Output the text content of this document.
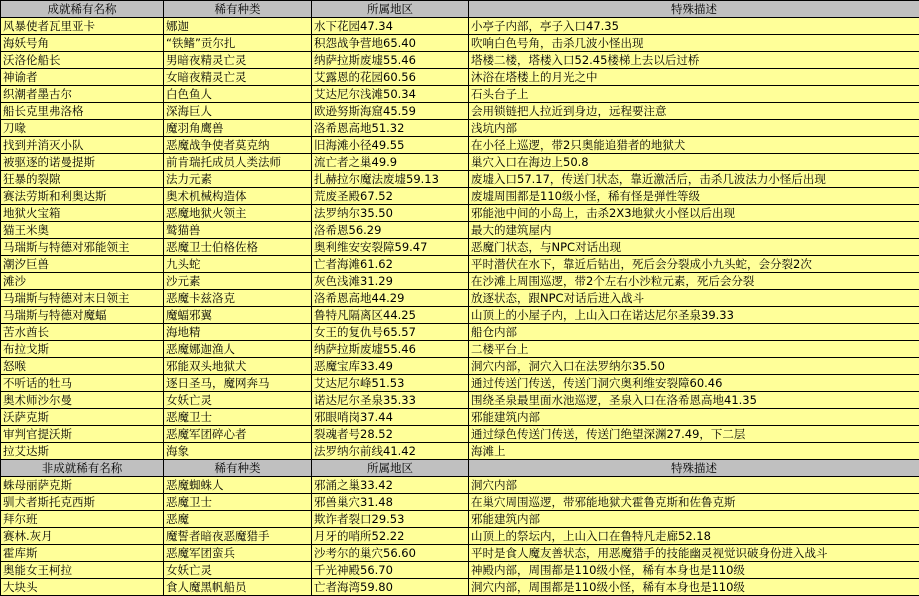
成就稀有名称	稀有种类	所属地区	特殊描述
风暴使者瓦里亚卡	娜迦	水下花园47.34	小亭子内部，亭子入口47.35
海妖号角	“铁鳍”贡尔扎	积怨战争营地65.40	吹响白色号角，击杀几波小怪出现
沃洛伦船长	男暗夜精灵亡灵	纳萨拉斯废墟55.46	塔楼二楼，塔楼入口52.45楼梯上去以后过桥
神谕者	女暗夜精灵亡灵	艾露恩的花园60.56	沐浴在塔楼上的月光之中
织潮者墨古尔	白色鱼人	艾达尼尔浅滩50.34	石头台子上
船长克里弗洛格	深海巨人	欧逊努斯海窟45.59	会用锁链把人拉近到身边，远程要注意
刀喙	魔羽角鹰兽	洛希恩高地51.32	浅坑内部
找到并消灭小队	恶魔战争使者莫克纳	旧海滩小径49.55	在小径上巡逻，带2只奥能追猎者的地狱犬
被驱逐的诺曼提斯	前肯瑞托成员人类法师	流亡者之巢49.9	巢穴入口在海边上50.8
狂暴的裂隙	法力元素	扎赫拉尔魔法废墟59.13	废墟入口57.17，传送门状态，靠近激活后，击杀几波法力小怪后出现
赛法劳斯和利奥达斯	奥术机械构造体	荒废圣殿67.52	废墟周围都是110级小怪，稀有怪是弹性等级
地狱火宝箱	恶魔地狱火领主	法罗纳尔35.50	邪能池中间的小岛上，击杀2X3地狱火小怪以后出现
猫王米奥	鹫猫兽	洛希恩56.29	最大的建筑屋内
马瑞斯与特德对邪能领主	恶魔卫士伯格佐格	奥利维安安裂障59.47	恶魔门状态，与NPC对话出现
潮汐巨兽	九头蛇	亡者海滩61.62	平时潜伏在水下，靠近后钻出，死后会分裂成小九头蛇，会分裂2次
滩沙	沙元素	灰色浅滩31.29	在沙滩上周围巡逻，带2个左右小沙粒元素，死后会分裂
马瑞斯与特德对末日领主	恶魔卡兹洛克	洛希恩高地44.29	放逐状态，跟NPC对话后进入战斗
马瑞斯与特德对魔蝠	魔蝠邪翼	鲁特凡隔离区44.25	山顶上的小屋子内，上山入口在诺达尼尔圣泉39.33
苦水酋长	海地精	女王的复仇号65.57	船仓内部
布拉戈斯	恶魔娜迦渔人	纳萨拉斯废墟55.46	二楼平台上
怒喉	邪能双头地狱犬	恶魔宝库33.49	洞穴内部，洞穴入口在法罗纳尔35.50
不听话的牡马	逐日圣马，魔网奔马	艾达尼尔峰51.53	通过传送门传送，传送门洞穴奥利维安裂障60.46
奥术师沙尔曼	女妖亡灵	诺达尼尔圣泉35.33	围绕圣泉最里面水池巡逻，圣泉入口在洛希恩高地41.35
沃萨克斯	恶魔卫士	邪眼哨岗37.44	邪能建筑内部
审判官提沃斯	恶魔军团碎心者	裂魂者号28.52	通过绿色传送门传送，传送门绝望深渊27.49，下二层
拉艾达斯	海象	法罗纳尔前线41.42	海滩上
非成就稀有名称	稀有种类	所属地区	特殊描述
蛛母丽萨克斯	恶魔蜘蛛人	邪涌之巢33.42	洞穴内部
驯犬者斯托克西斯	恶魔卫士	邪兽巢穴31.48	在巢穴周围巡逻，带邪能地狱犬霍鲁克斯和佐鲁克斯
拜尔班	恶魔	欺诈者裂口29.53	邪能建筑内部
赛林.灰月	魔誓者暗夜恶魔猎手	月牙的哨所52.22	山顶上的祭坛内，上山入口在鲁特凡走廊52.18
霍库斯	恶魔军团蛮兵	沙考尔的巢穴56.60	平时是食人魔友善状态，用恶魔猎手的技能幽灵视觉识破身份进入战斗
奥能女王柯拉	女妖亡灵	千光神殿56.70	神殿内部，周围都是110级小怪，稀有本身也是110级
大块头	食人魔黑帆船员	亡者海湾59.80	洞穴内部，周围都是110级小怪，稀有本身也是110级
